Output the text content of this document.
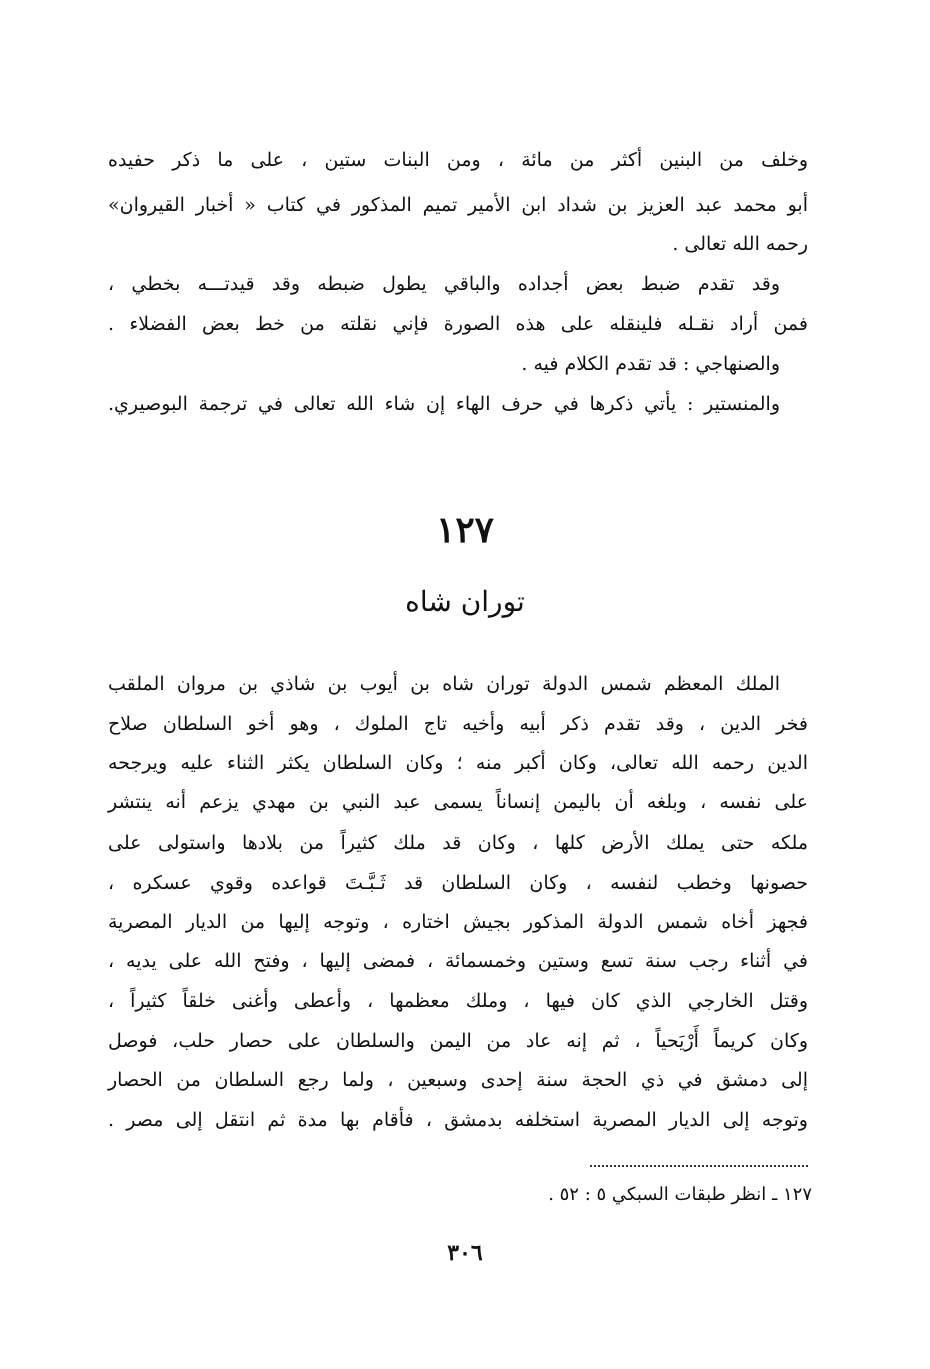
وخلف من البنين أكثر من مائة ، ومن البنات ستين ، على ما ذكر حفيده
أبو محمد عبد العزيز بن شداد ابن الأمير تميم المذكور في كتاب « أخبار القيروان»
رحمه الله تعالى .
وقد تقدم ضبط بعض أجداده والباقي يطول ضبطه وقد قيدتـــه بخطي ،
فمن أراد نقـله فلينقله على هذه الصورة فإني نقلته من خط بعض الفضلاء .
والصنهاجي : قد تقدم الكلام فيه .
والمنستير : يأتي ذكرها في حرف الهاء إن شاء الله تعالى في ترجمة البوصيري.
١٢٧
توران شاه
الملك المعظم شمس الدولة توران شاه بن أيوب بن شاذي بن مروان الملقب
فخر الدين ، وقد تقدم ذكر أبيه وأخيه تاج الملوك ، وهو أخو السلطان صلاح
الدين رحمه الله تعالى، وكان أكبر منه ؛ وكان السلطان يكثر الثناء عليه ويرجحه
على نفسه ، وبلغه أن باليمن إنساناً يسمى عبد النبي بن مهدي يزعم أنه ينتشر
ملكه حتى يملك الأرض كلها ، وكان قد ملك كثيراً من بلادها واستولى على
حصونها وخطب لنفسه ، وكان السلطان قد ثَـبَّـتَ قواعده وقوي عسكره ،
فجهز أخاه شمس الدولة المذكور بجيش اختاره ، وتوجه إليها من الديار المصرية
في أثناء رجب سنة تسع وستين وخمسمائة ، فمضى إليها ، وفتح الله على يديه ،
وقتل الخارجي الذي كان فيها ، وملك معظمها ، وأعطى وأغنى خلقاً كثيراً ،
وكان كريماً أَرْيَحياً ، ثم إنه عاد من اليمن والسلطان على حصار حلب، فوصل
إلى دمشق في ذي الحجة سنة إحدى وسبعين ، ولما رجع السلطان من الحصار
وتوجه إلى الديار المصرية استخلفه بدمشق ، فأقام بها مدة ثم انتقل إلى مصر .
١٢٧ ـ انظر طبقات السبكي ٥ : ٥٢ .
٣٠٦
